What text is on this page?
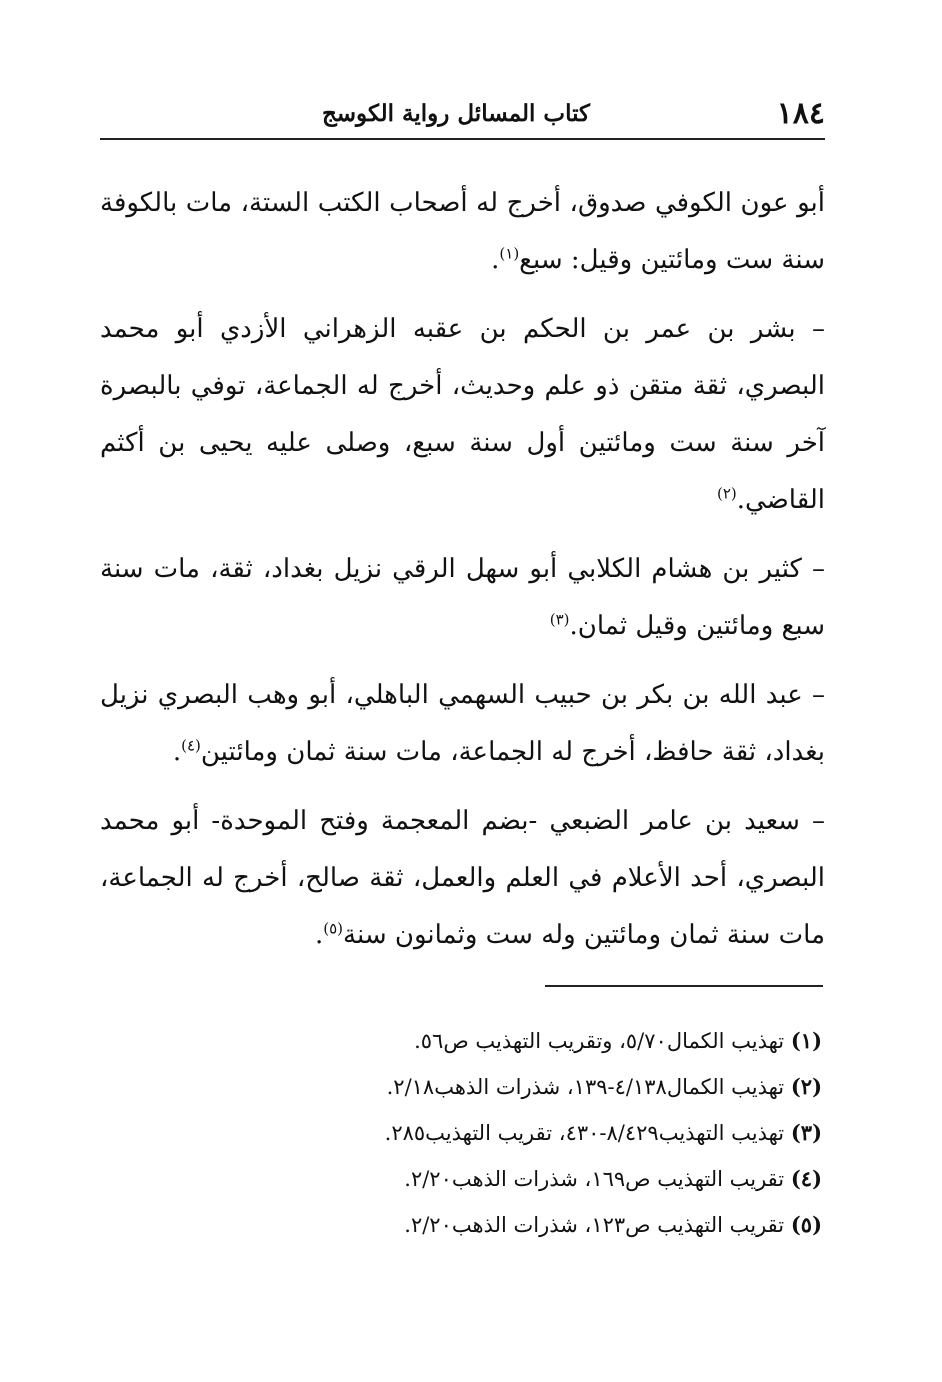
١٨٤
كتاب المسائل رواية الكوسج

أبو عون الكوفي صدوق، أخرج له أصحاب الكتب الستة، مات بالكوفة سنة ست ومائتين وقيل: سبع$^{(١)}$.

– بشر بن عمر بن الحكم بن عقبه الزهراني الأزدي أبو محمد البصري، ثقة متقن ذو علم وحديث، أخرج له الجماعة، توفي بالبصرة آخر سنة ست ومائتين أول سنة سبع، وصلى عليه يحيى بن أكثم القاضي.$^{(٢)}$

– كثير بن هشام الكلابي أبو سهل الرقي نزيل بغداد، ثقة، مات سنة سبع ومائتين وقيل ثمان.$^{(٣)}$

– عبد الله بن بكر بن حبيب السهمي الباهلي، أبو وهب البصري نزيل بغداد، ثقة حافظ، أخرج له الجماعة، مات سنة ثمان ومائتين$^{(٤)}$.

– سعيد بن عامر الضبعي -بضم المعجمة وفتح الموحدة- أبو محمد البصري، أحد الأعلام في العلم والعمل، ثقة صالح، أخرج له الجماعة، مات سنة ثمان ومائتين وله ست وثمانون سنة$^{(٥)}$.

(١) تهذيب الكمال٥/٧٠، وتقريب التهذيب ص٥٦.
(٢) تهذيب الكمال٤/١٣٨-١٣٩، شذرات الذهب٢/١٨.
(٣) تهذيب التهذيب٨/٤٢٩-٤٣٠، تقريب التهذيب٢٨٥.
(٤) تقريب التهذيب ص١٦٩، شذرات الذهب٢/٢٠.
(٥) تقريب التهذيب ص١٢٣، شذرات الذهب٢/٢٠.
